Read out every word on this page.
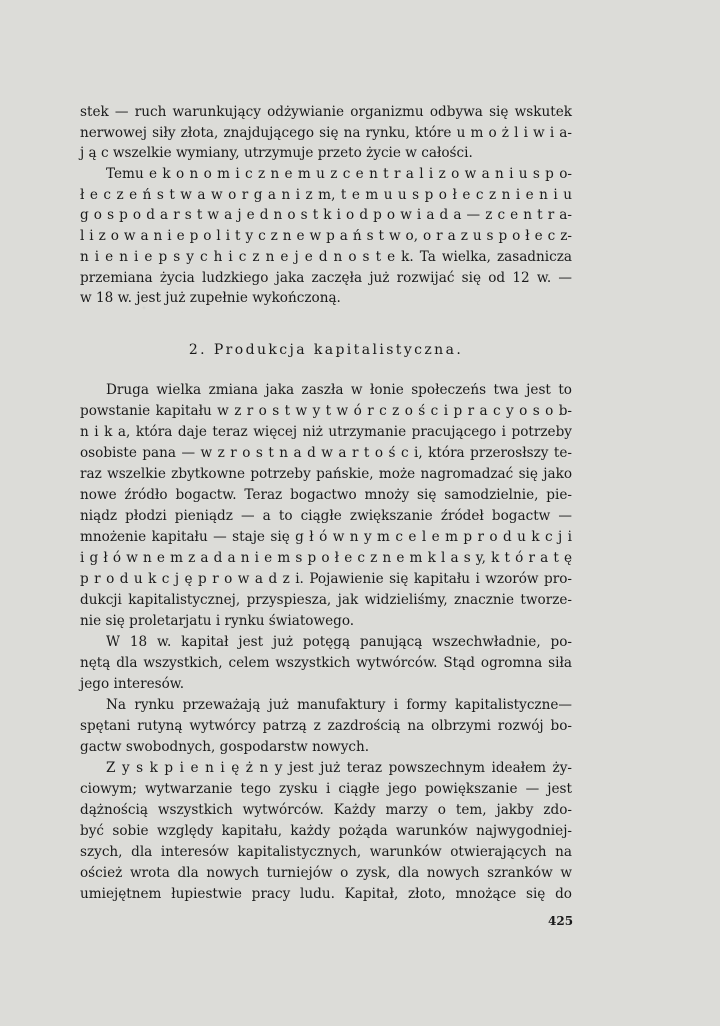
stek — ruch warunkujący odżywianie organizmu odbywa się wskutek
nerwowej siły złota, znajdującego się na rynku, które u m o ż l i w i a-
j ą c wszelkie wymiany, utrzymuje przeto życie w całości.
Temu e k o n o m i c z n e m u z c e n t r a l i z o w a n i u s p o-
ł e c z e ń s t w a w o r g a n i z m, t e m u u s p o ł e c z n i e n i u
g o s p o d a r s t w a j e d n o s t k i o d p o w i a d a — z c e n t r a-
l i z o w a n i e p o l i t y c z n e w p a ń s t w o, o r a z u s p o ł e c z-
n i e n i e p s y c h i c z n e j e d n o s t e k. Ta wielka, zasadnicza
przemiana życia ludzkiego jaka zaczęła już rozwijać się od 12 w. —
w 18 w. jest już zupełnie wykończoną.
2. Produkcja kapitalistyczna.
Druga wielka zmiana jaka zaszła w łonie społeczeńs twa jest to
powstanie kapitału w z r o s t w y t w ó r c z o ś c i p r a c y o s o b-
n i k a, która daje teraz więcej niż utrzymanie pracującego i potrzeby
osobiste pana — w z r o s t n a d w a r t o ś c i, która przerosłszy te-
raz wszelkie zbytkowne potrzeby pańskie, może nagromadzać się jako
nowe źródło bogactw. Teraz bogactwo mnoży się samodzielnie, pie-
niądz płodzi pieniądz — a to ciągłe zwiększanie źródeł bogactw —
mnożenie kapitału — staje się g ł ó w n y m c e l e m p r o d u k c j i
i g ł ó w n e m z a d a n i e m s p o ł e c z n e m k l a s y, k t ó r a t ę
p r o d u k c j ę p r o w a d z i. Pojawienie się kapitału i wzorów pro-
dukcji kapitalistycznej, przyspiesza, jak widzieliśmy, znacznie tworze-
nie się proletarjatu i rynku światowego.
W 18 w. kapitał jest już potęgą panującą wszechwładnie, po-
nętą dla wszystkich, celem wszystkich wytwórców. Stąd ogromna siła
jego interesów.
Na rynku przeważają już manufaktury i formy kapitalistyczne—
spętani rutyną wytwórcy patrzą z zazdrością na olbrzymi rozwój bo-
gactw swobodnych, gospodarstw nowych.
Z y s k p i e n i ę ż n y jest już teraz powszechnym ideałem ży-
ciowym; wytwarzanie tego zysku i ciągłe jego powiększanie — jest
dążnością wszystkich wytwórców. Każdy marzy o tem, jakby zdo-
być sobie względy kapitału, każdy pożąda warunków najwygodniej-
szych, dla interesów kapitalistycznych, warunków otwierających na
oścież wrota dla nowych turniejów o zysk, dla nowych szranków w
umiejętnem łupiestwie pracy ludu. Kapitał, złoto, mnożące się do
425
